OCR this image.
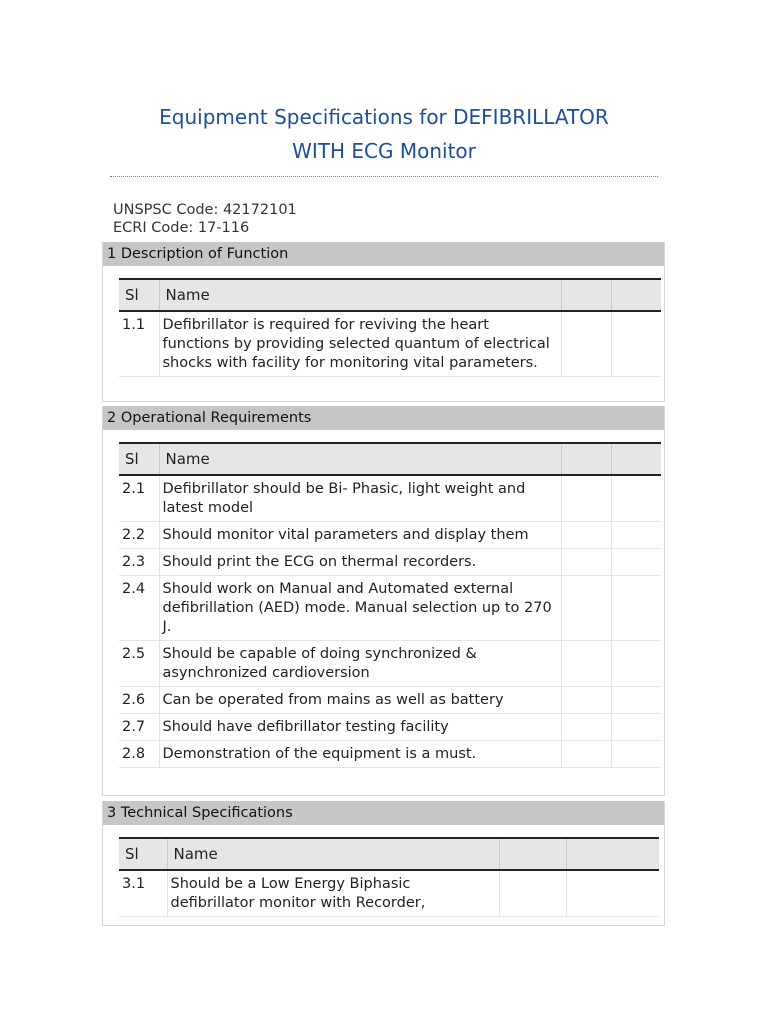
Equipment Specifications for DEFIBRILLATOR
WITH ECG Monitor
UNSPSC Code: 42172101
ECRI Code: 17-116
1 Description of Function
Sl	Name		
1.1	Defibrillator is required for reviving the heart functions by providing selected quantum of electrical shocks with facility for monitoring vital parameters.		
2 Operational Requirements
Sl	Name		
2.1	Defibrillator should be Bi- Phasic, light weight and latest model		
2.2	Should monitor vital parameters and display them		
2.3	Should print the ECG on thermal recorders.		
2.4	Should work on Manual and Automated external defibrillation (AED) mode. Manual selection up to 270 J.		
2.5	Should be capable of doing synchronized & asynchronized cardioversion		
2.6	Can be operated from mains as well as battery		
2.7	Should have defibrillator testing facility		
2.8	Demonstration of the equipment is a must.		
3 Technical Specifications
Sl	Name		
3.1	Should be a Low Energy Biphasic defibrillator monitor with Recorder,		
